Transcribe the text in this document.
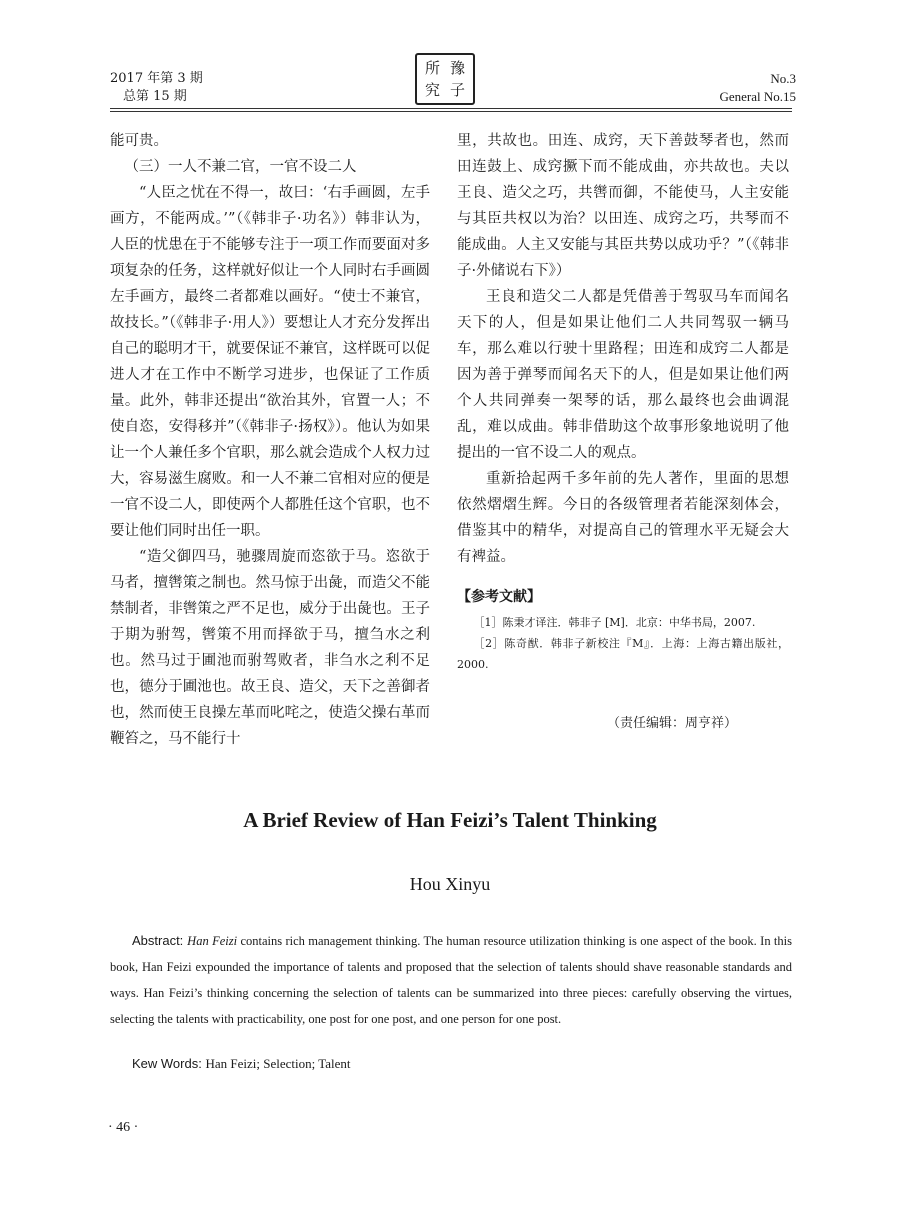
2017 年第 3 期
总第 15 期
所 豫
究 子
No.3
General No.15

能可贵。

（三）一人不兼二官，一官不设二人

“人臣之忧在不得一，故曰：‘右手画圆，左手画方，不能两成。’”（《韩非子·功名》）韩非认为，人臣的忧患在于不能够专注于一项工作而要面对多项复杂的任务，这样就好似让一个人同时右手画圆左手画方，最终二者都难以画好。“使士不兼官，故技长。”（《韩非子·用人》）要想让人才充分发挥出自己的聪明才干，就要保证不兼官，这样既可以促进人才在工作中不断学习进步，也保证了工作质量。此外，韩非还提出“欲治其外，官置一人；不使自恣，安得移并”（《韩非子·扬权》）。他认为如果让一个人兼任多个官职，那么就会造成个人权力过大，容易滋生腐败。和一人不兼二官相对应的便是一官不设二人，即使两个人都胜任这个官职，也不要让他们同时出任一职。

“造父御四马，驰骤周旋而恣欲于马。恣欲于马者，擅辔策之制也。然马惊于出彘，而造父不能禁制者，非辔策之严不足也，威分于出彘也。王子于期为驸驾，辔策不用而择欲于马，擅刍水之利也。然马过于圃池而驸驾败者，非刍水之利不足也，德分于圃池也。故王良、造父，天下之善御者也，然而使王良操左革而叱咤之，使造父操右革而鞭笞之，马不能行十

里，共故也。田连、成窍，天下善鼓琴者也，然而田连鼓上、成窍撅下而不能成曲，亦共故也。夫以王良、造父之巧，共辔而御，不能使马，人主安能与其臣共权以为治？以田连、成窍之巧，共琴而不能成曲。人主又安能与其臣共势以成功乎？”（《韩非子·外储说右下》）

王良和造父二人都是凭借善于驾驭马车而闻名天下的人，但是如果让他们二人共同驾驭一辆马车，那么难以行驶十里路程；田连和成窍二人都是因为善于弹琴而闻名天下的人，但是如果让他们两个人共同弹奏一架琴的话，那么最终也会曲调混乱，难以成曲。韩非借助这个故事形象地说明了他提出的一官不设二人的观点。

重新拾起两千多年前的先人著作，里面的思想依然熠熠生辉。今日的各级管理者若能深刻体会，借鉴其中的精华，对提高自己的管理水平无疑会大有裨益。

【参考文献】

［1］陈秉才译注．韩非子 [M]．北京：中华书局，2007.

［2］陈奇猷．韩非子新校注『M』．上海：上海古籍出版社，2000.

（责任编辑：周亨祥）

A Brief Review of Han Feizi’s Talent Thinking
Hou Xinyu
Abstract: Han Feizi contains rich management thinking. The human resource utilization thinking is one aspect of the book. In this book, Han Feizi expounded the importance of talents and proposed that the selection of talents should shave reasonable standards and ways. Han Feizi’s thinking concerning the selection of talents can be summarized into three pieces: carefully observing the virtues, selecting the talents with practicability, one post for one post, and one person for one post.
Kew Words: Han Feizi; Selection; Talent
· 46 ·
